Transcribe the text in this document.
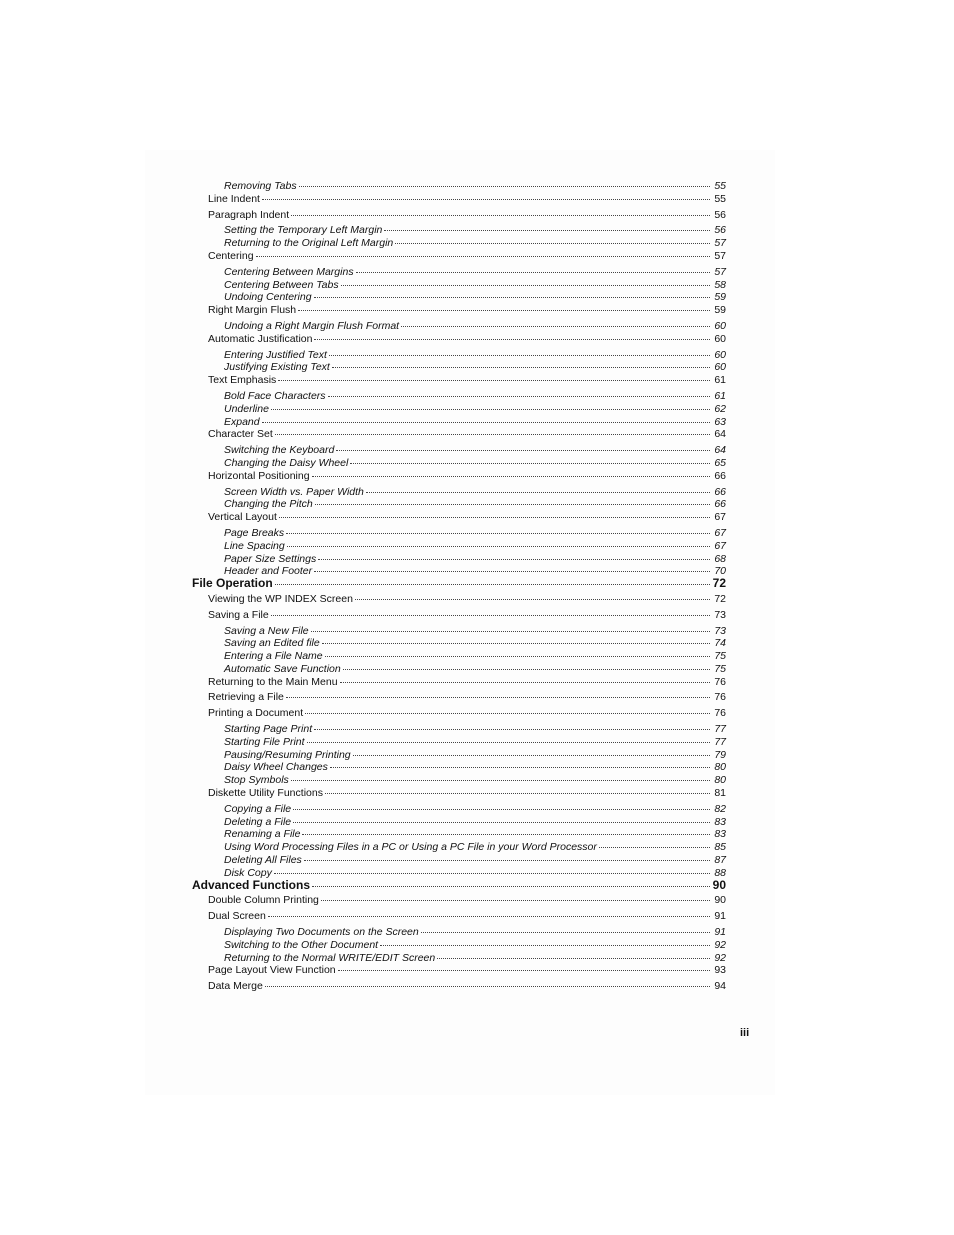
Removing Tabs	55
Line Indent	55
Paragraph Indent	56
Setting the Temporary Left Margin	56
Returning to the Original Left Margin	57
Centering	57
Centering Between Margins	57
Centering Between Tabs	58
Undoing Centering	59
Right Margin Flush	59
Undoing a Right Margin Flush Format	60
Automatic Justification	60
Entering Justified Text	60
Justifying Existing Text	60
Text Emphasis	61
Bold Face Characters	61
Underline	62
Expand	63
Character Set	64
Switching the Keyboard	64
Changing the Daisy Wheel	65
Horizontal Positioning	66
Screen Width vs. Paper Width	66
Changing the Pitch	66
Vertical Layout	67
Page Breaks	67
Line Spacing	67
Paper Size Settings	68
Header and Footer	70
File Operation	72
Viewing the WP INDEX Screen	72
Saving a File	73
Saving a New File	73
Saving an Edited file	74
Entering a File Name	75
Automatic Save Function	75
Returning to the Main Menu	76
Retrieving a File	76
Printing a Document	76
Starting Page Print	77
Starting File Print	77
Pausing/Resuming Printing	79
Daisy Wheel Changes	80
Stop Symbols	80
Diskette Utility Functions	81
Copying a File	82
Deleting a File	83
Renaming a File	83
Using Word Processing Files in a PC or Using a PC File in your Word Processor	85
Deleting All Files	87
Disk Copy	88
Advanced Functions	90
Double Column Printing	90
Dual Screen	91
Displaying Two Documents on the Screen	91
Switching to the Other Document	92
Returning to the Normal WRITE/EDIT Screen	92
Page Layout View Function	93
Data Merge	94
iii
